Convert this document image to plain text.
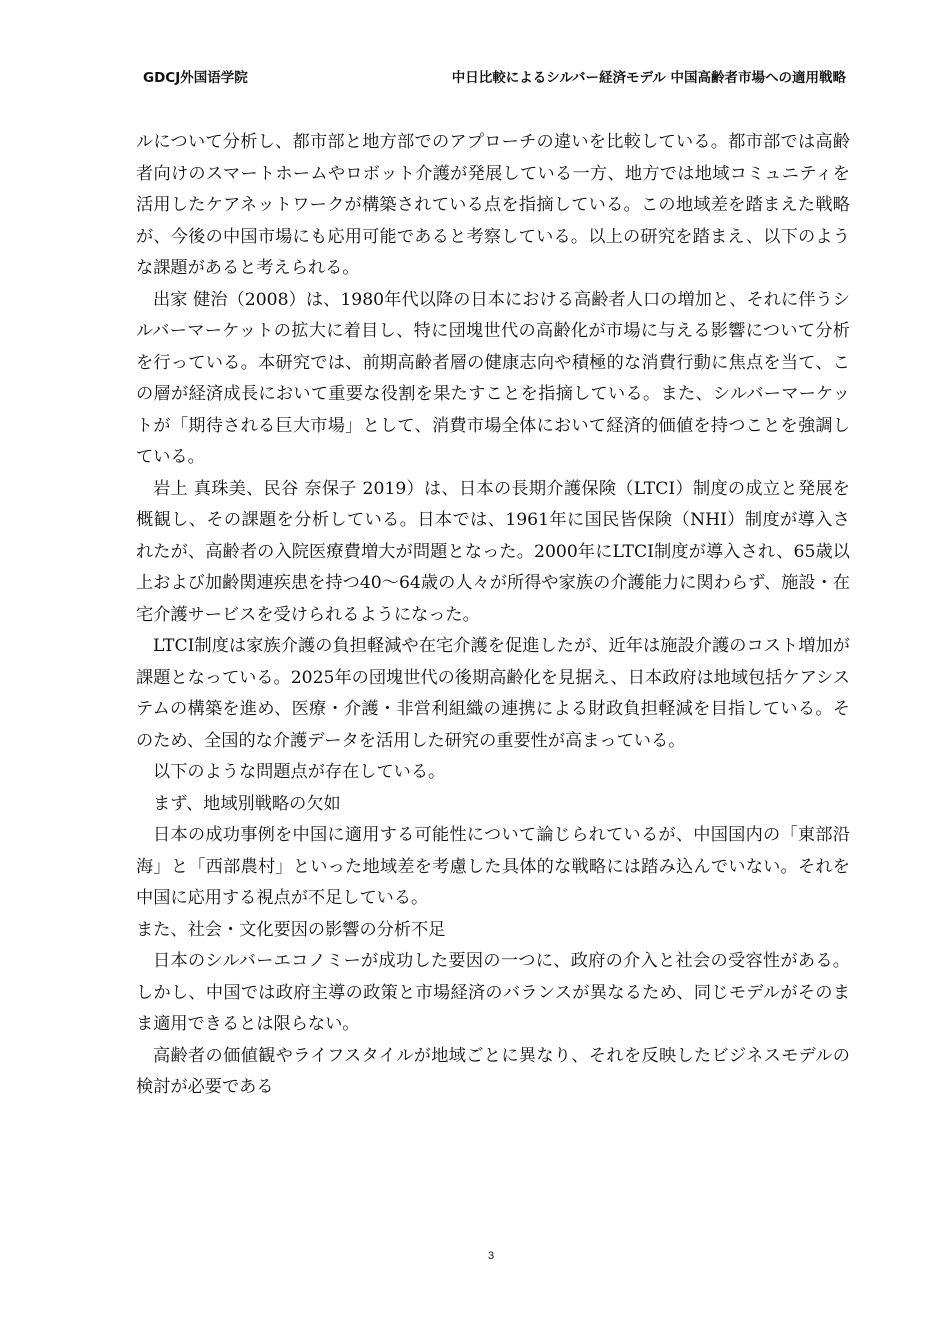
GDCJ外国语学院	中日比較によるシルバー経済モデル 中国高齢者市場への適用戦略

ルについて分析し、都市部と地方部でのアプローチの違いを比較している。都市部では高齢者向けのスマートホームやロボット介護が発展している一方、地方では地域コミュニティを活用したケアネットワークが構築されている点を指摘している。この地域差を踏まえた戦略が、今後の中国市場にも応用可能であると考察している。以上の研究を踏まえ、以下のような課題があると考えられる。

出家 健治（2008）は、1980年代以降の日本における高齢者人口の増加と、それに伴うシルバーマーケットの拡大に着目し、特に団塊世代の高齢化が市場に与える影響について分析を行っている。本研究では、前期高齢者層の健康志向や積極的な消費行動に焦点を当て、この層が経済成長において重要な役割を果たすことを指摘している。また、シルバーマーケットが「期待される巨大市場」として、消費市場全体において経済的価値を持つことを強調している。

岩上 真珠美、民谷 奈保子 2019）は、日本の長期介護保険（LTCI）制度の成立と発展を概観し、その課題を分析している。日本では、1961年に国民皆保険（NHI）制度が導入されたが、高齢者の入院医療費増大が問題となった。2000年にLTCI制度が導入され、65歳以上および加齢関連疾患を持つ40～64歳の人々が所得や家族の介護能力に関わらず、施設・在宅介護サービスを受けられるようになった。

LTCI制度は家族介護の負担軽減や在宅介護を促進したが、近年は施設介護のコスト増加が課題となっている。2025年の団塊世代の後期高齢化を見据え、日本政府は地域包括ケアシステムの構築を進め、医療・介護・非営利組織の連携による財政負担軽減を目指している。そのため、全国的な介護データを活用した研究の重要性が高まっている。

以下のような問題点が存在している。

まず、地域別戦略の欠如

日本の成功事例を中国に適用する可能性について論じられているが、中国国内の「東部沿海」と「西部農村」といった地域差を考慮した具体的な戦略には踏み込んでいない。それを中国に応用する視点が不足している。

また、社会・文化要因の影響の分析不足

日本のシルバーエコノミーが成功した要因の一つに、政府の介入と社会の受容性がある。しかし、中国では政府主導の政策と市場経済のバランスが異なるため、同じモデルがそのまま適用できるとは限らない。

高齢者の価値観やライフスタイルが地域ごとに異なり、それを反映したビジネスモデルの検討が必要である

3
